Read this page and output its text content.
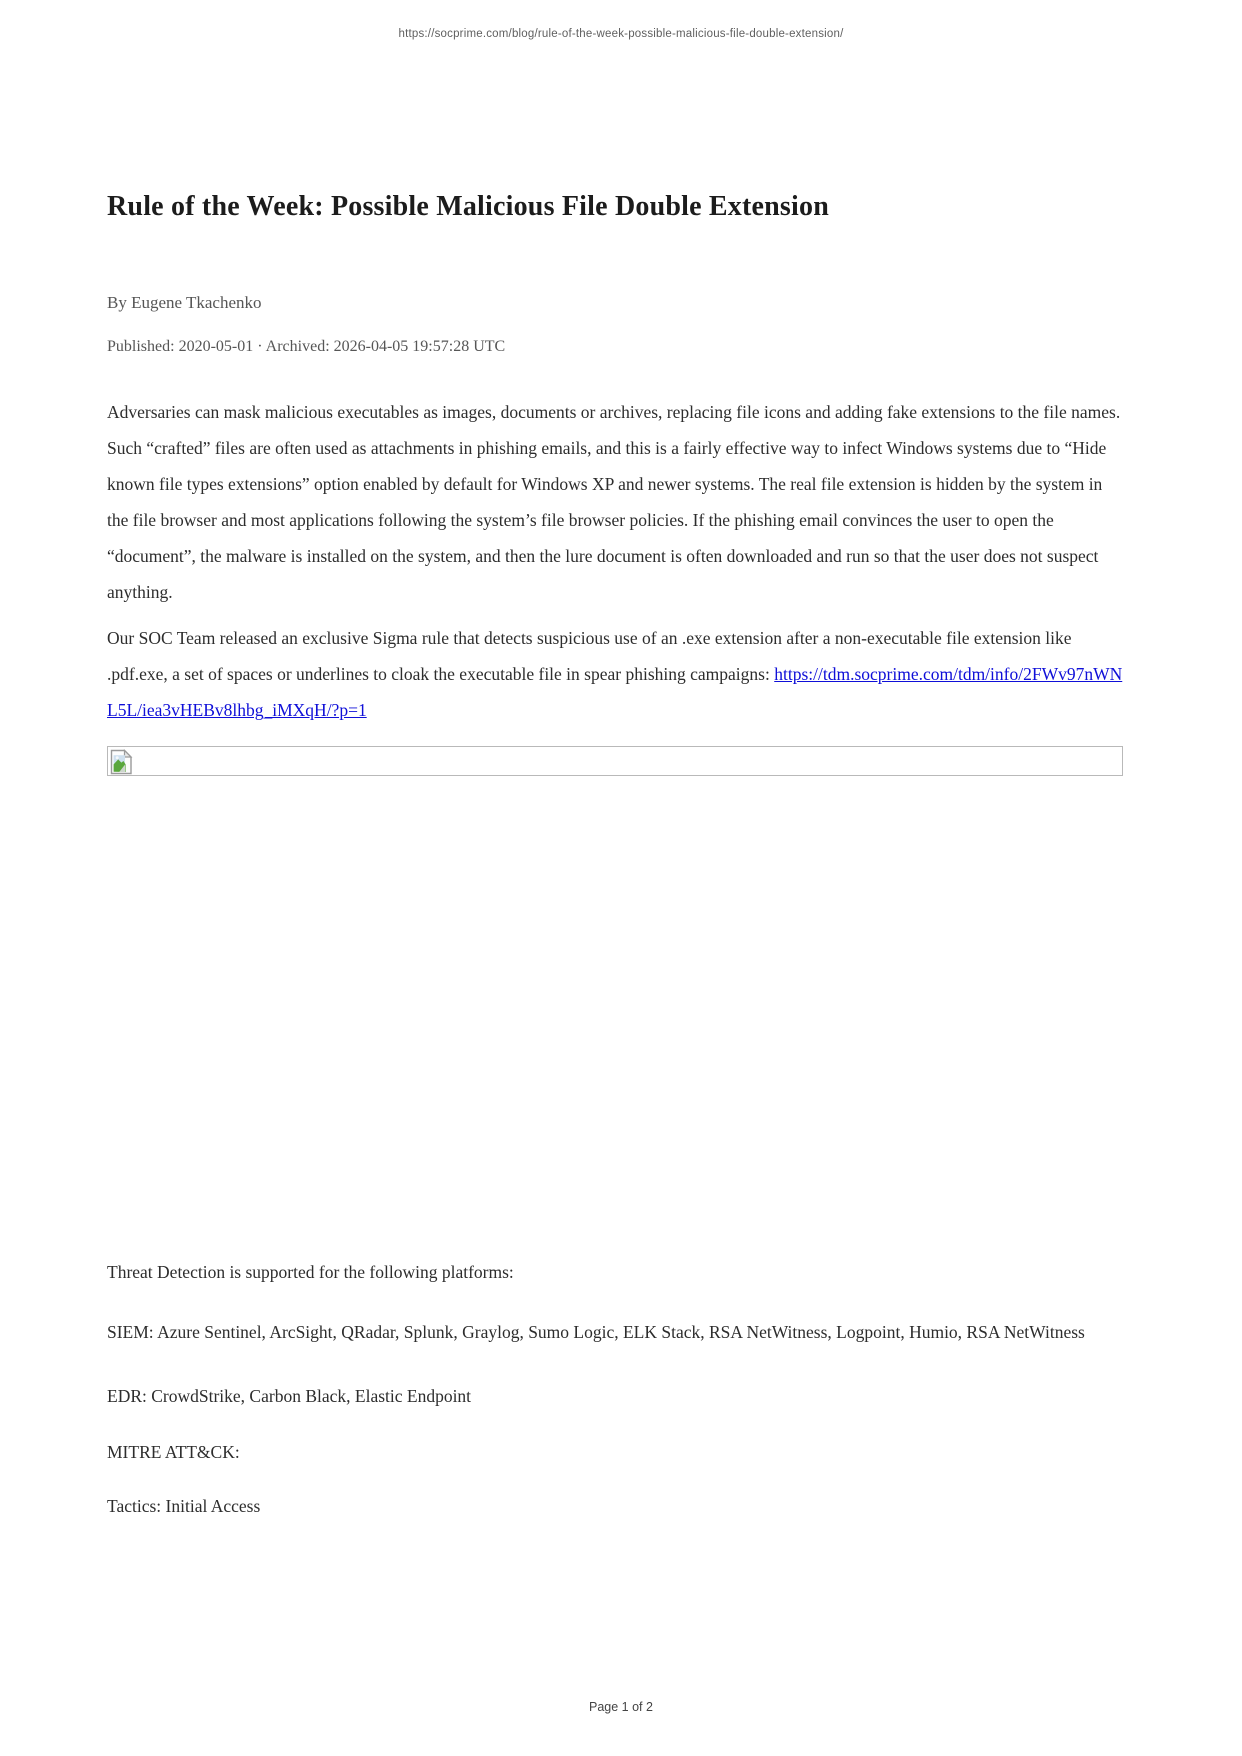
https://socprime.com/blog/rule-of-the-week-possible-malicious-file-double-extension/
Rule of the Week: Possible Malicious File Double Extension

By Eugene Tkachenko

Published: 2020-05-01 · Archived: 2026-04-05 19:57:28 UTC

Adversaries can mask malicious executables as images, documents or archives, replacing file icons and adding fake extensions to the file names. Such “crafted” files are often used as attachments in phishing emails, and this is a fairly effective way to infect Windows systems due to “Hide known file types extensions” option enabled by default for Windows XP and newer systems. The real file extension is hidden by the system in the file browser and most applications following the system’s file browser policies. If the phishing email convinces the user to open the “document”, the malware is installed on the system, and then the lure document is often downloaded and run so that the user does not suspect anything.

Our SOC Team released an exclusive Sigma rule that detects suspicious use of an .exe extension after a non-executable file extension like .pdf.exe, a set of spaces or underlines to cloak the executable file in spear phishing campaigns: https://tdm.socprime.com/tdm/info/2FWv97nWNL5L/iea3vHEBv8lhbg_iMXqH/?p=1

Threat Detection is supported for the following platforms:

SIEM: Azure Sentinel, ArcSight, QRadar, Splunk, Graylog, Sumo Logic, ELK Stack, RSA NetWitness, Logpoint, Humio, RSA NetWitness

EDR: CrowdStrike, Carbon Black, Elastic Endpoint

MITRE ATT&CK:

Tactics: Initial Access

Page 1 of 2
